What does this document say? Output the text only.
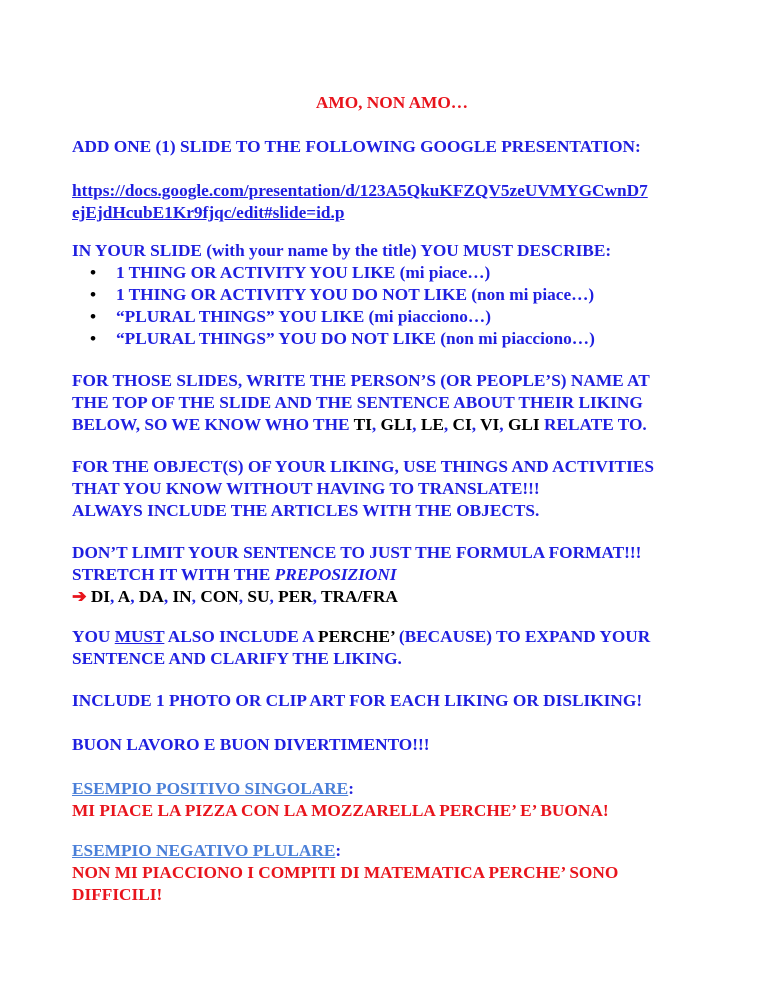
AMO, NON AMO…

ADD ONE (1) SLIDE TO THE FOLLOWING GOOGLE PRESENTATION:

https://docs.google.com/presentation/d/123A5QkuKFZQV5zeUVMYGCwnD7
ejEjdHcubE1Kr9fjqc/edit#slide=id.p

IN YOUR SLIDE (with your name by the title) YOU MUST DESCRIBE:

• 1 THING OR ACTIVITY YOU LIKE (mi piace…)
• 1 THING OR ACTIVITY YOU DO NOT LIKE (non mi piace…)
• “PLURAL THINGS” YOU LIKE (mi piacciono…)
• “PLURAL THINGS” YOU DO NOT LIKE (non mi piacciono…)
FOR THOSE SLIDES, WRITE THE PERSON’S (OR PEOPLE’S) NAME AT
THE TOP OF THE SLIDE AND THE SENTENCE ABOUT THEIR LIKING
BELOW, SO WE KNOW WHO THE TI, GLI, LE, CI, VI, GLI RELATE TO.
FOR THE OBJECT(S) OF YOUR LIKING, USE THINGS AND ACTIVITIES
THAT YOU KNOW WITHOUT HAVING TO TRANSLATE!!!
ALWAYS INCLUDE THE ARTICLES WITH THE OBJECTS.
DON’T LIMIT YOUR SENTENCE TO JUST THE FORMULA FORMAT!!!
STRETCH IT WITH THE PREPOSIZIONI
➔ DI, A, DA, IN, CON, SU, PER, TRA/FRA
YOU MUST ALSO INCLUDE A PERCHE’ (BECAUSE) TO EXPAND YOUR
SENTENCE AND CLARIFY THE LIKING.

INCLUDE 1 PHOTO OR CLIP ART FOR EACH LIKING OR DISLIKING!

BUON LAVORO E BUON DIVERTIMENTO!!!

ESEMPIO POSITIVO SINGOLARE:
MI PIACE LA PIZZA CON LA MOZZARELLA PERCHE’ E’ BUONA!
ESEMPIO NEGATIVO PLULARE:
NON MI PIACCIONO I COMPITI DI MATEMATICA PERCHE’ SONO
DIFFICILI!
